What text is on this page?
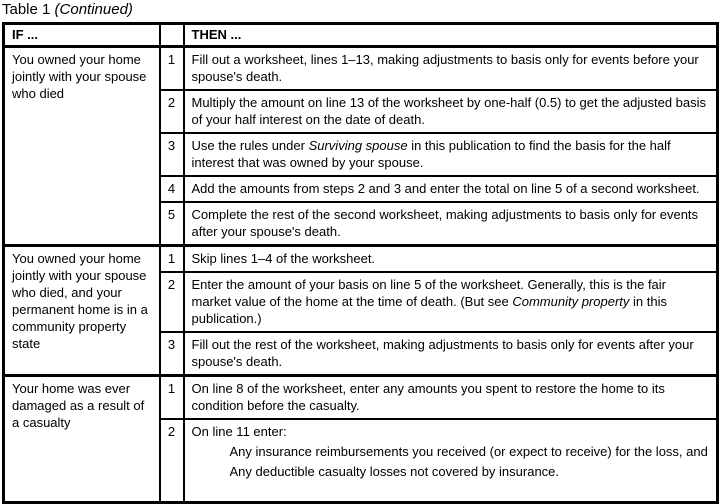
Table 1 (Continued)
IF ...		THEN ...
You owned your home jointly with your spouse who died	1	Fill out a worksheet, lines 1–13, making adjustments to basis only for events before your spouse's death.
	2	Multiply the amount on line 13 of the worksheet by one-half (0.5) to get the adjusted basis of your half interest on the date of death.
	3	Use the rules under Surviving spouse in this publication to find the basis for the half interest that was owned by your spouse.
	4	Add the amounts from steps 2 and 3 and enter the total on line 5 of a second worksheet.
	5	Complete the rest of the second worksheet, making adjustments to basis only for events after your spouse's death.
You owned your home jointly with your spouse who died, and your permanent home is in a community property state	1	Skip lines 1–4 of the worksheet.
	2	Enter the amount of your basis on line 5 of the worksheet. Generally, this is the fair market value of the home at the time of death. (But see Community property in this publication.)
	3	Fill out the rest of the worksheet, making adjustments to basis only for events after your spouse's death.
Your home was ever damaged as a result of a casualty	1	On line 8 of the worksheet, enter any amounts you spent to restore the home to its condition before the casualty.
	2	On line 11 enter:
Any insurance reimbursements you received (or expect to receive) for the loss, and
Any deductible casualty losses not covered by insurance.
